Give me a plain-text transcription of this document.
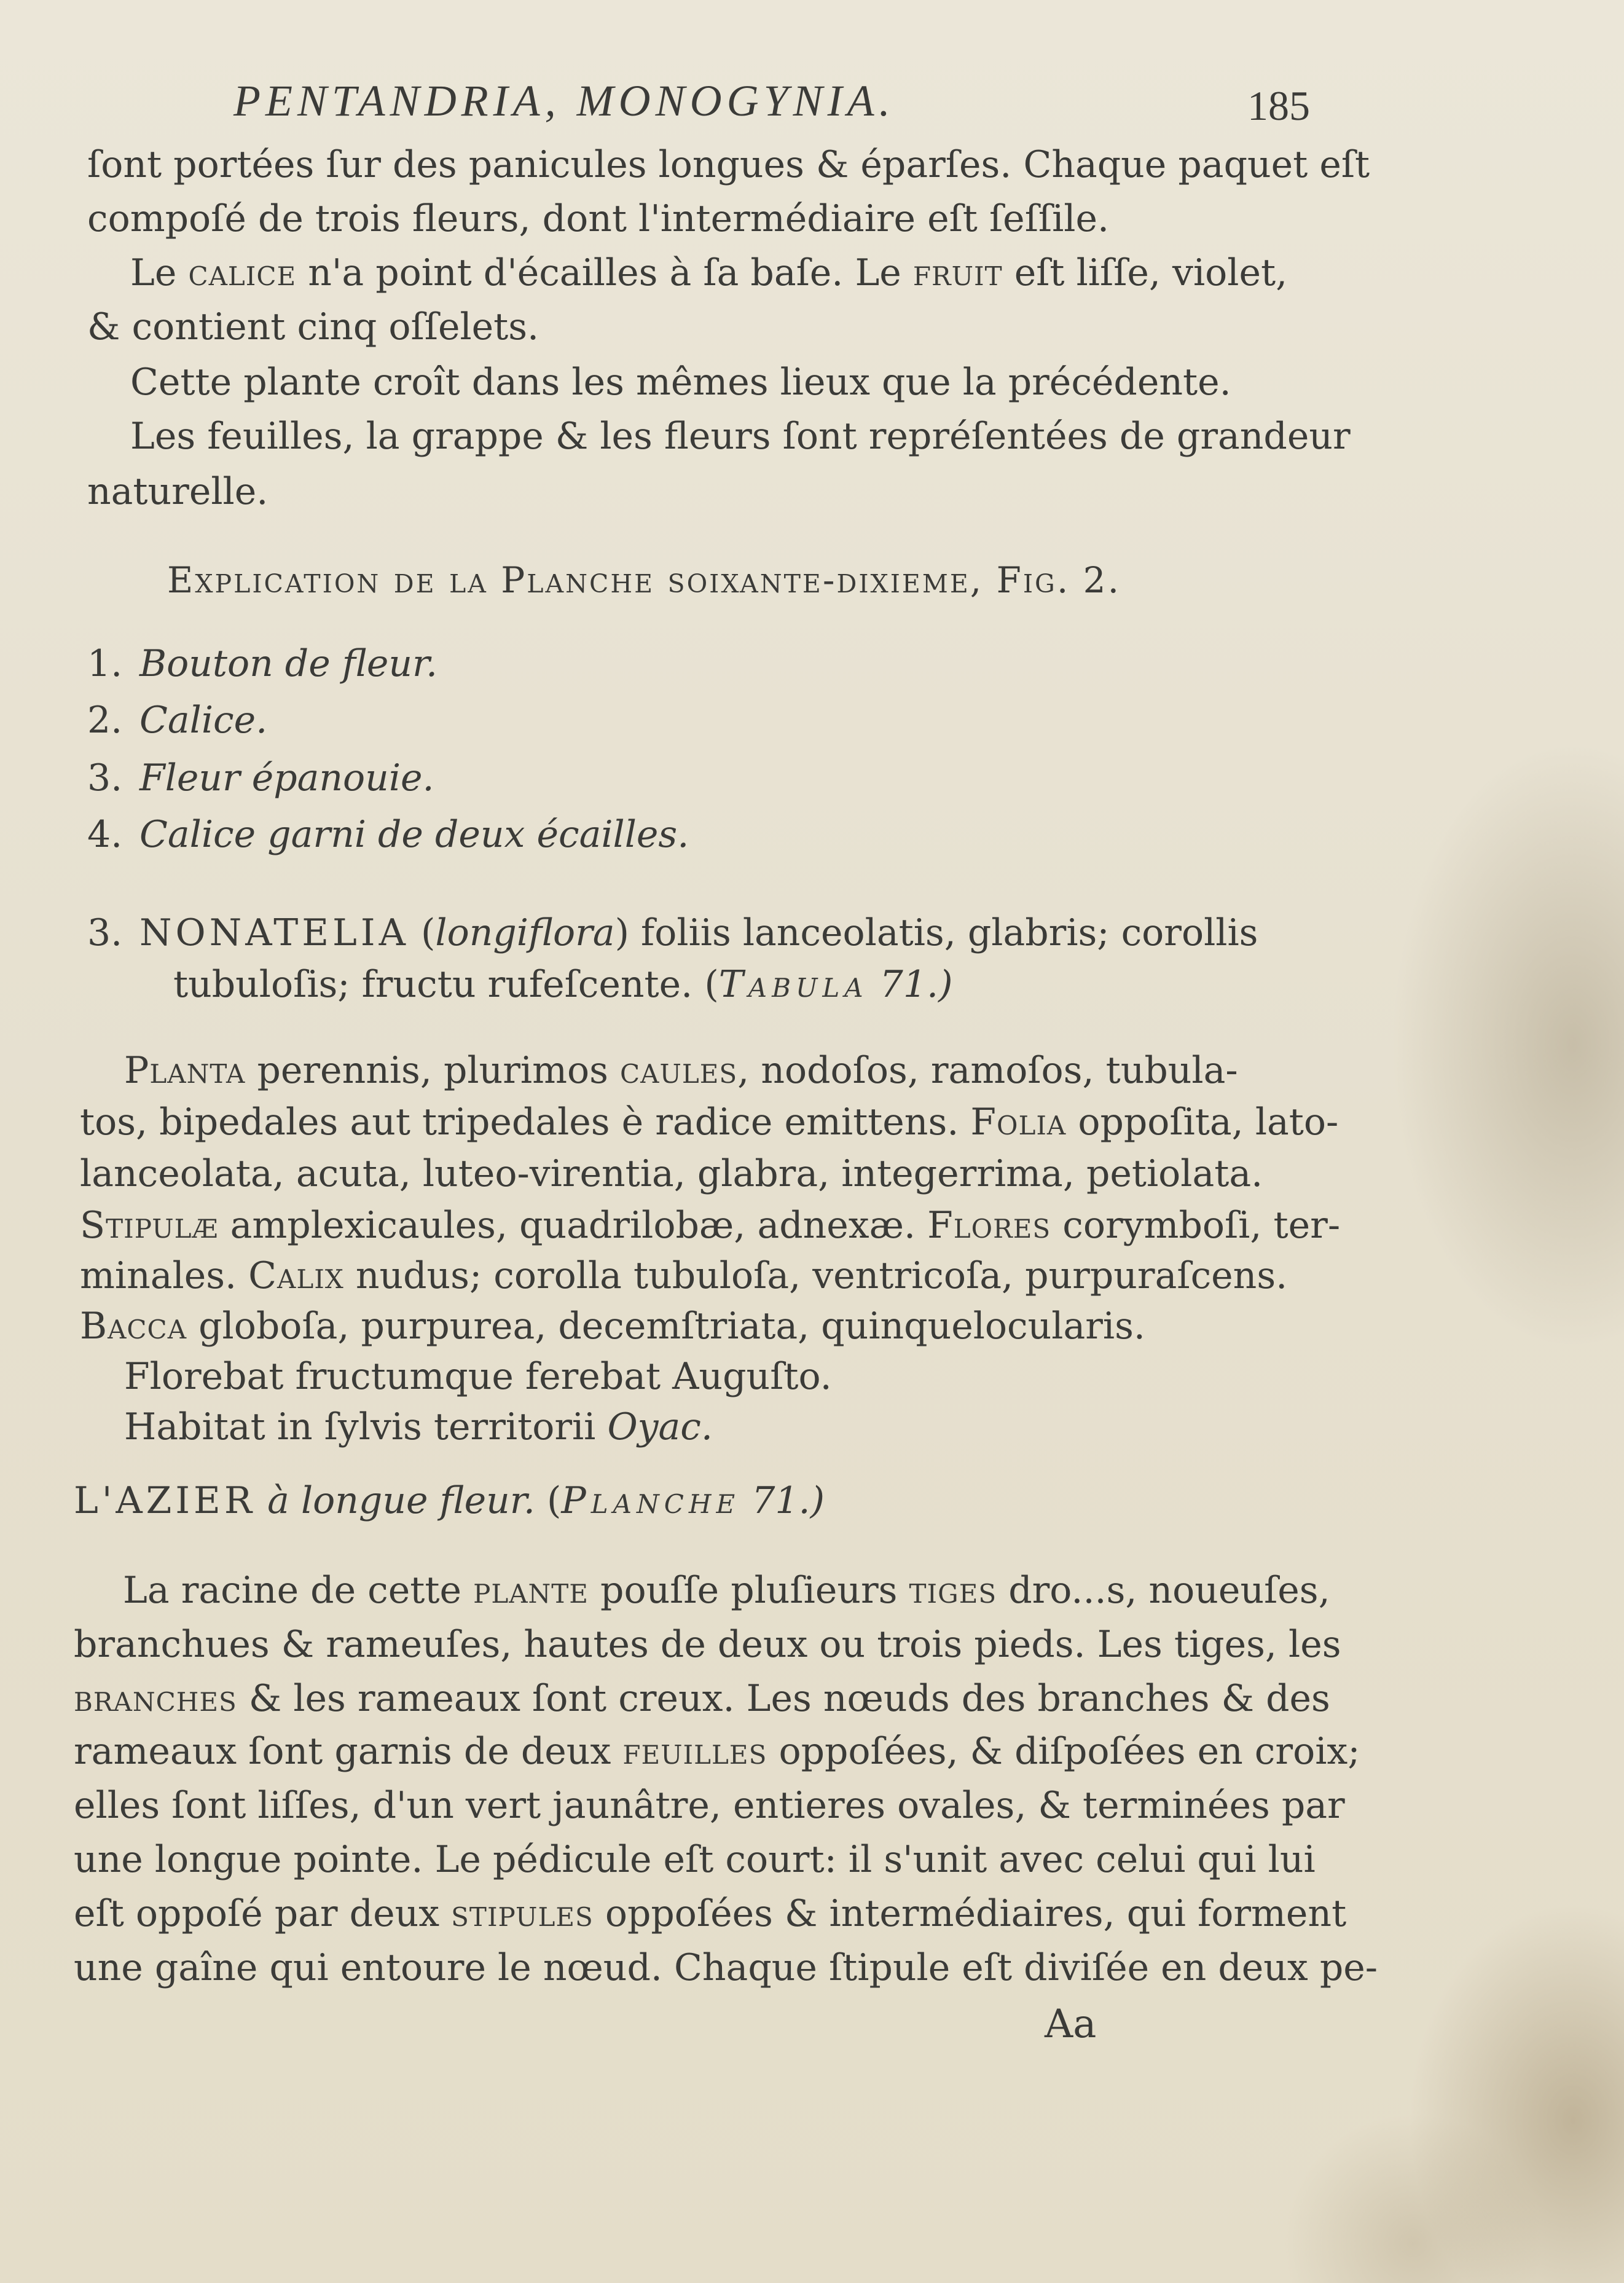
PENTANDRIA, MONOGYNIA.	185
ſont portées ſur des panicules longues & éparſes. Chaque paquet eſt
compoſé de trois fleurs, dont l'intermédiaire eſt ſeſſile.
Le calice n'a point d'écailles à ſa baſe. Le fruit eſt liſſe, violet,
& contient cinq oſſelets.
Cette plante croît dans les mêmes lieux que la précédente.
Les feuilles, la grappe & les fleurs ſont repréſentées de grandeur
naturelle.
Explication de la Planche soixante-dixieme, Fig. 2.
1. Bouton de fleur.
2. Calice.
3. Fleur épanouie.
4. Calice garni de deux écailles.
3. NONATELIA (longiflora) foliis lanceolatis, glabris; corollis
tubuloſis; fructu rufeſcente. (Tabula 71.)
Planta perennis, plurimos caules, nodoſos, ramoſos, tubula-
tos, bipedales aut tripedales è radice emittens. Folia oppoſita, lato-
lanceolata, acuta, luteo-virentia, glabra, integerrima, petiolata.
Stipulæ amplexicaules, quadrilobæ, adnexæ. Flores corymboſi, ter-
minales. Calix nudus; corolla tubuloſa, ventricoſa, purpuraſcens.
Bacca globoſa, purpurea, decemſtriata, quinquelocularis.
Florebat fructumque ferebat Auguſto.
Habitat in ſylvis territorii Oyac.
L'AZIER à longue fleur. (Planche 71.)
La racine de cette plante pouſſe pluſieurs tiges dro...s, noueuſes,
branchues & rameuſes, hautes de deux ou trois pieds. Les tiges, les
branches & les rameaux ſont creux. Les nœuds des branches & des
rameaux ſont garnis de deux feuilles oppoſées, & diſpoſées en croix;
elles ſont liſſes, d'un vert jaunâtre, entieres ovales, & terminées par
une longue pointe. Le pédicule eſt court: il s'unit avec celui qui lui
eſt oppoſé par deux stipules oppoſées & intermédiaires, qui forment
une gaîne qui entoure le nœud. Chaque ſtipule eſt diviſée en deux pe-
Aa
